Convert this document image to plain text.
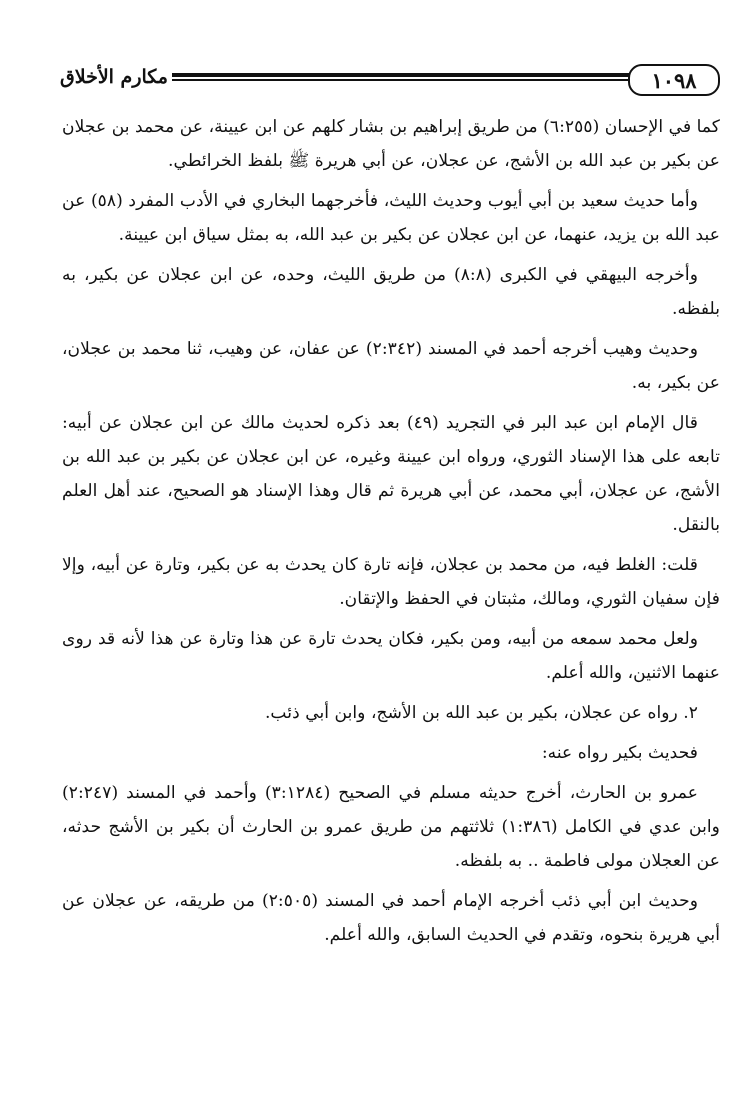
١٠٩٨
مكارم الأخلاق

كما في الإحسان (٦:٢٥٥) من طريق إبراهيم بن بشار كلهم عن ابن عيينة، عن محمد بن عجلان عن بكير بن عبد الله بن الأشج، عن عجلان، عن أبي هريرة ﷺ بلفظ الخرائطي.

وأما حديث سعيد بن أبي أيوب وحديث الليث، فأخرجهما البخاري في الأدب المفرد (٥٨) عن عبد الله بن يزيد، عنهما، عن ابن عجلان عن بكير بن عبد الله، به بمثل سياق ابن عيينة.

وأخرجه البيهقي في الكبرى (٨:٨) من طريق الليث، وحده، عن ابن عجلان عن بكير، به بلفظه.

وحديث وهيب أخرجه أحمد في المسند (٢:٣٤٢) عن عفان، عن وهيب، ثنا محمد بن عجلان، عن بكير، به.

قال الإمام ابن عبد البر في التجريد (٤٩) بعد ذكره لحديث مالك عن ابن عجلان عن أبيه: تابعه على هذا الإسناد الثوري، ورواه ابن عيينة وغيره، عن ابن عجلان عن بكير بن عبد الله بن الأشج، عن عجلان، أبي محمد، عن أبي هريرة ثم قال وهذا الإسناد هو الصحيح، عند أهل العلم بالنقل.

قلت: الغلط فيه، من محمد بن عجلان، فإنه تارة كان يحدث به عن بكير، وتارة عن أبيه، وإلا فإن سفيان الثوري، ومالك، مثبتان في الحفظ والإتقان.

ولعل محمد سمعه من أبيه، ومن بكير، فكان يحدث تارة عن هذا وتارة عن هذا لأنه قد روى عنهما الاثنين، والله أعلم.

٢. رواه عن عجلان، بكير بن عبد الله بن الأشج، وابن أبي ذئب.

فحديث بكير رواه عنه:

عمرو بن الحارث، أخرج حديثه مسلم في الصحيح (٣:١٢٨٤) وأحمد في المسند (٢:٢٤٧) وابن عدي في الكامل (١:٣٨٦) ثلاثتهم من طريق عمرو بن الحارث أن بكير بن الأشج حدثه، عن العجلان مولى فاطمة .. به بلفظه.

وحديث ابن أبي ذئب أخرجه الإمام أحمد في المسند (٢:٥٠٥) من طريقه، عن عجلان عن أبي هريرة بنحوه، وتقدم في الحديث السابق، والله أعلم.
